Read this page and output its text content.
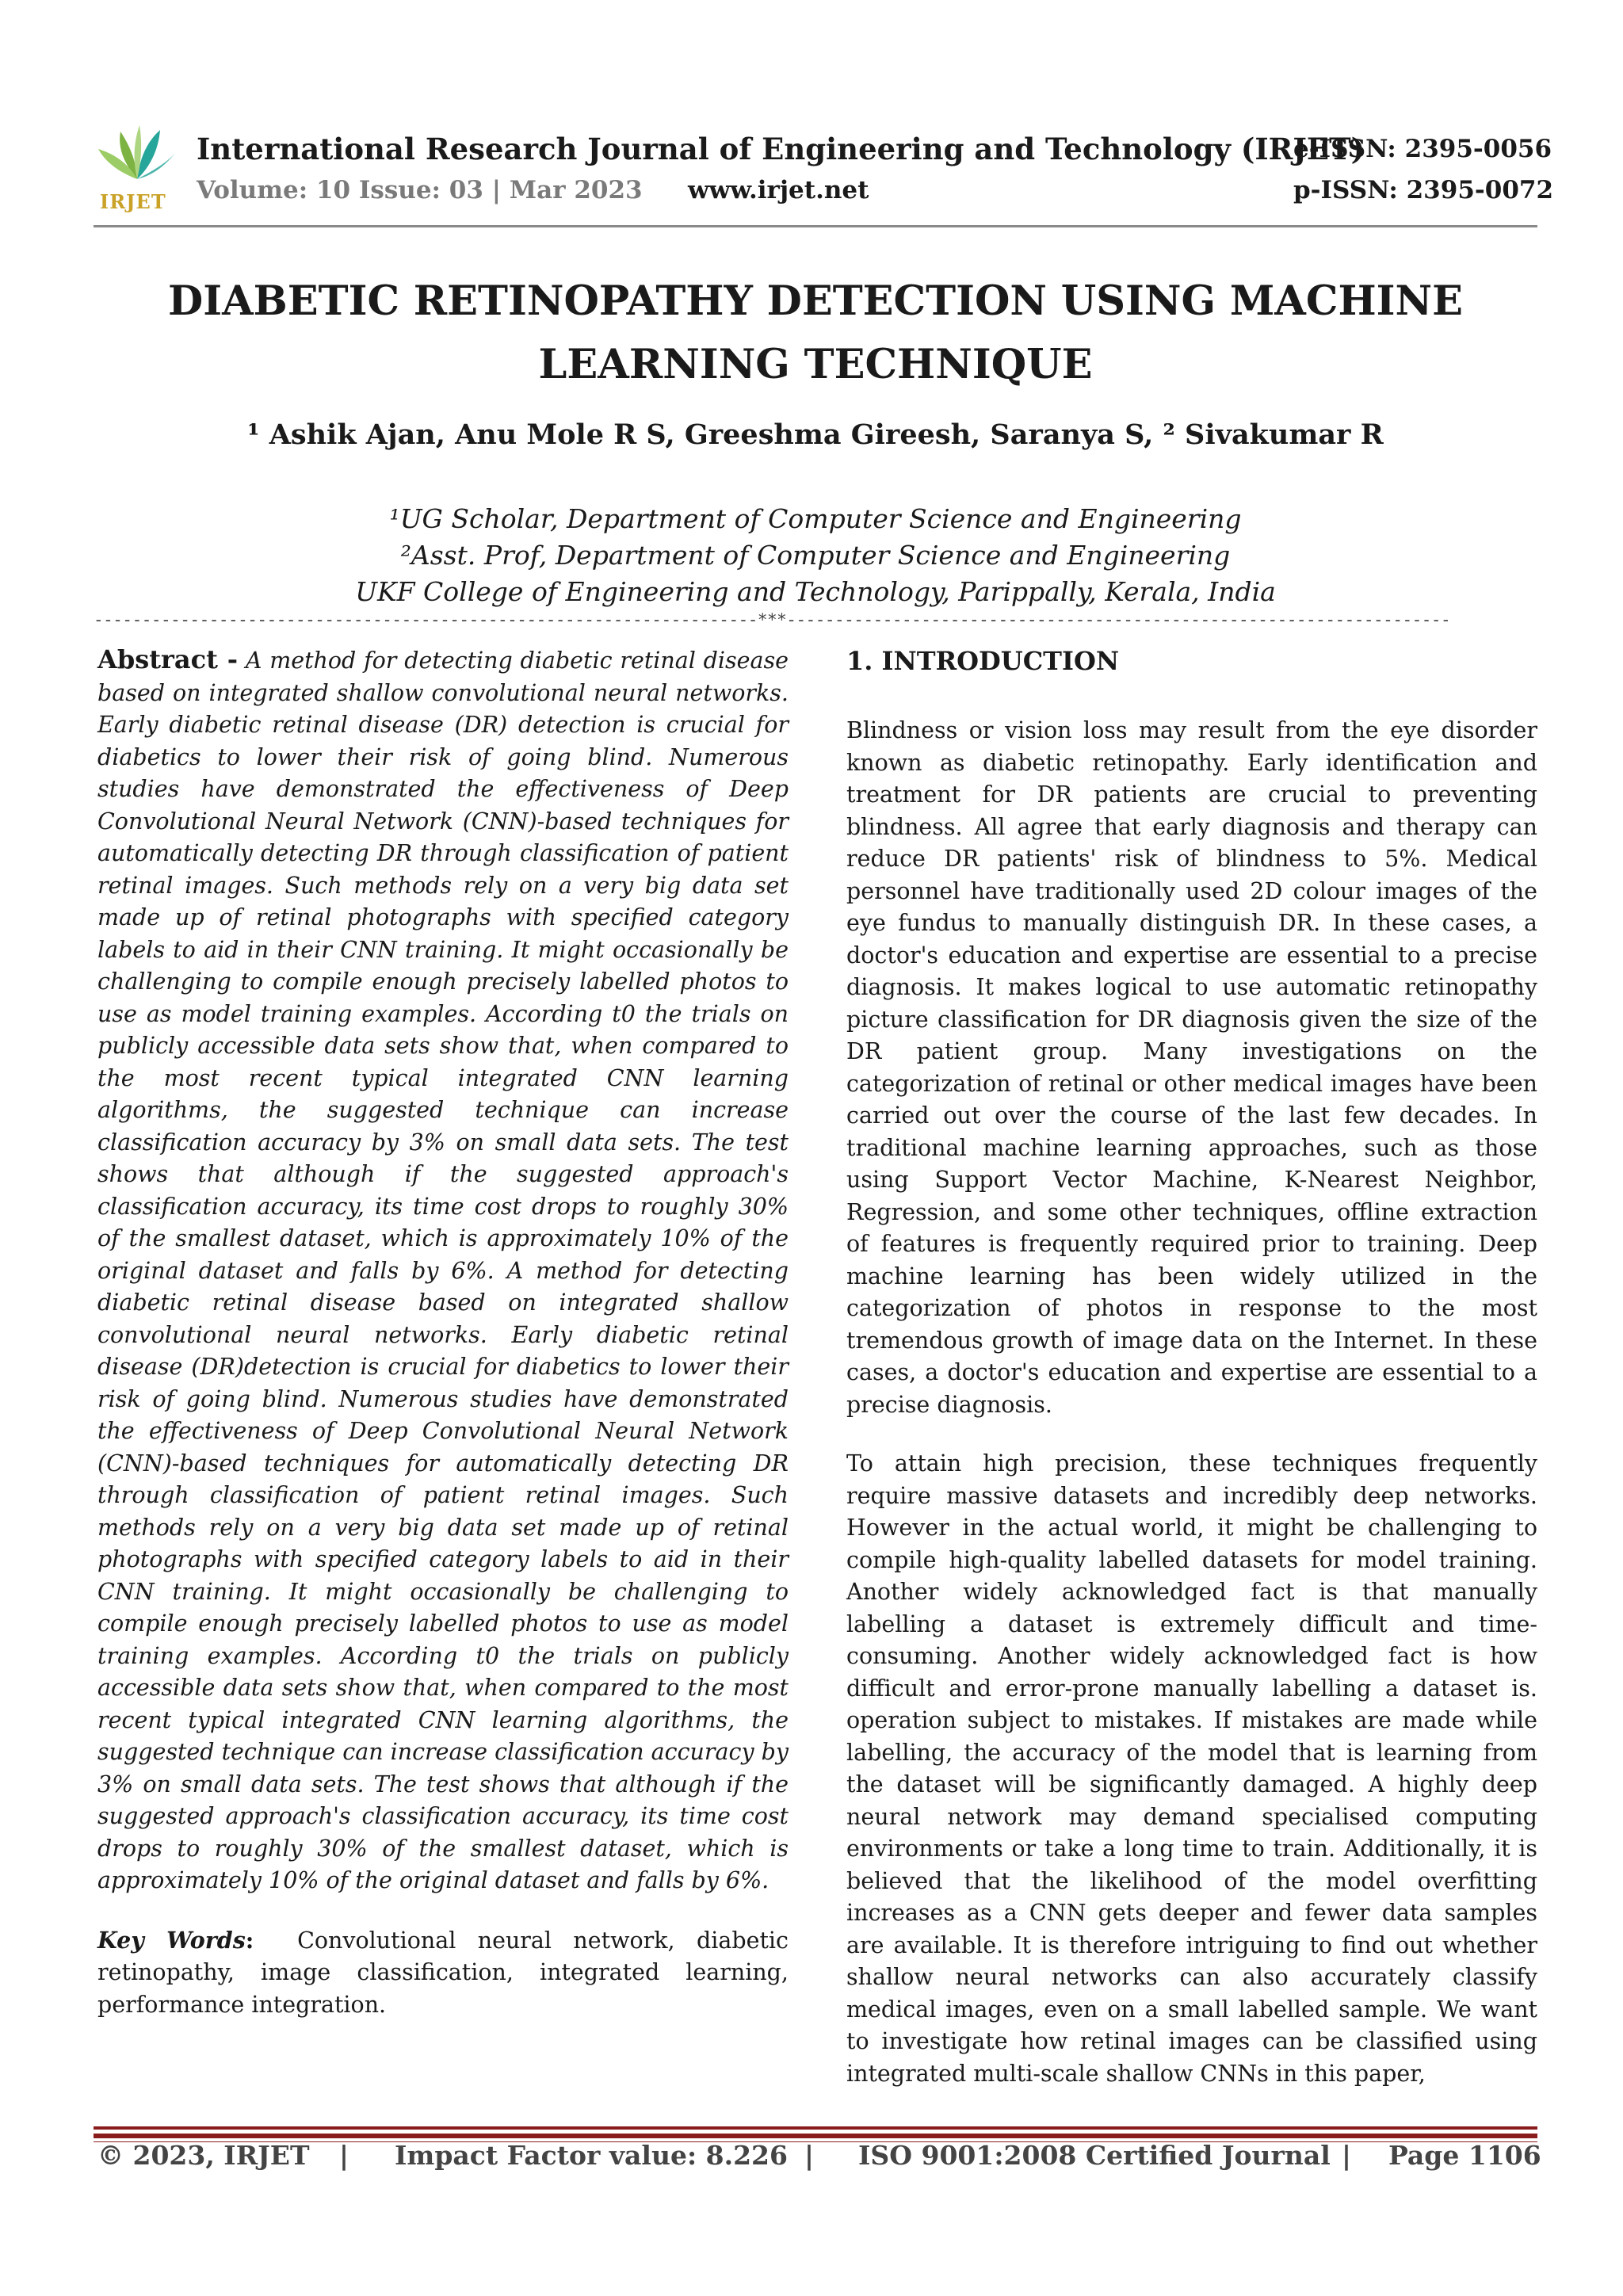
IRJET
International Research Journal of Engineering and Technology (IRJET)
e-ISSN: 2395-0056
Volume: 10 Issue: 03 | Mar 2023 www.irjet.net	p-ISSN: 2395-0072
DIABETIC RETINOPATHY DETECTION USING MACHINE LEARNING TECHNIQUE
¹ Ashik Ajan, Anu Mole R S, Greeshma Gireesh, Saranya S, ² Sivakumar R
¹UG Scholar, Department of Computer Science and Engineering
²Asst. Prof, Department of Computer Science and Engineering
UKF College of Engineering and Technology, Parippally, Kerala, India
---------------------------------------------------------------------***---------------------------------------------------------------------

Abstract - A method for detecting diabetic retinal disease based on integrated shallow convolutional neural networks. Early diabetic retinal disease (DR) detection is crucial for diabetics to lower their risk of going blind. Numerous studies have demonstrated the effectiveness of Deep Convolutional Neural Network (CNN)-based techniques for automatically detecting DR through classification of patient retinal images. Such methods rely on a very big data set made up of retinal photographs with specified category labels to aid in their CNN training. It might occasionally be challenging to compile enough precisely labelled photos to use as model training examples. According t0 the trials on publicly accessible data sets show that, when compared to the most recent typical integrated CNN learning algorithms, the suggested technique can increase classification accuracy by 3% on small data sets. The test shows that although if the suggested approach's classification accuracy, its time cost drops to roughly 30% of the smallest dataset, which is approximately 10% of the original dataset and falls by 6%. A method for detecting diabetic retinal disease based on integrated shallow convolutional neural networks. Early diabetic retinal disease (DR)detection is crucial for diabetics to lower their risk of going blind. Numerous studies have demonstrated the effectiveness of Deep Convolutional Neural Network (CNN)-based techniques for automatically detecting DR through classification of patient retinal images. Such methods rely on a very big data set made up of retinal photographs with specified category labels to aid in their CNN training. It might occasionally be challenging to compile enough precisely labelled photos to use as model training examples. According t0 the trials on publicly accessible data sets show that, when compared to the most recent typical integrated CNN learning algorithms, the suggested technique can increase classification accuracy by 3% on small data sets. The test shows that although if the suggested approach's classification accuracy, its time cost drops to roughly 30% of the smallest dataset, which is approximately 10% of the original dataset and falls by 6%.

Key Words: Convolutional neural network, diabetic retinopathy, image classification, integrated learning, performance integration.

1. INTRODUCTION

Blindness or vision loss may result from the eye disorder known as diabetic retinopathy. Early identification and treatment for DR patients are crucial to preventing blindness. All agree that early diagnosis and therapy can reduce DR patients' risk of blindness to 5%. Medical personnel have traditionally used 2D colour images of the eye fundus to manually distinguish DR. In these cases, a doctor's education and expertise are essential to a precise diagnosis. It makes logical to use automatic retinopathy picture classification for DR diagnosis given the size of the DR patient group. Many investigations on the categorization of retinal or other medical images have been carried out over the course of the last few decades. In traditional machine learning approaches, such as those using Support Vector Machine, K-Nearest Neighbor, Regression, and some other techniques, offline extraction of features is frequently required prior to training. Deep machine learning has been widely utilized in the categorization of photos in response to the most tremendous growth of image data on the Internet. In these cases, a doctor's education and expertise are essential to a precise diagnosis.

To attain high precision, these techniques frequently require massive datasets and incredibly deep networks. However in the actual world, it might be challenging to compile high-quality labelled datasets for model training. Another widely acknowledged fact is that manually labelling a dataset is extremely difficult and time-consuming. Another widely acknowledged fact is how difficult and error-prone manually labelling a dataset is. operation subject to mistakes. If mistakes are made while labelling, the accuracy of the model that is learning from the dataset will be significantly damaged. A highly deep neural network may demand specialised computing environments or take a long time to train. Additionally, it is believed that the likelihood of the model overfitting increases as a CNN gets deeper and fewer data samples are available. It is therefore intriguing to find out whether shallow neural networks can also accurately classify medical images, even on a small labelled sample. We want to investigate how retinal images can be classified using integrated multi-scale shallow CNNs in this paper,

© 2023, IRJET | Impact Factor value: 8.226 | ISO 9001:2008 Certified Journal | Page 1106
